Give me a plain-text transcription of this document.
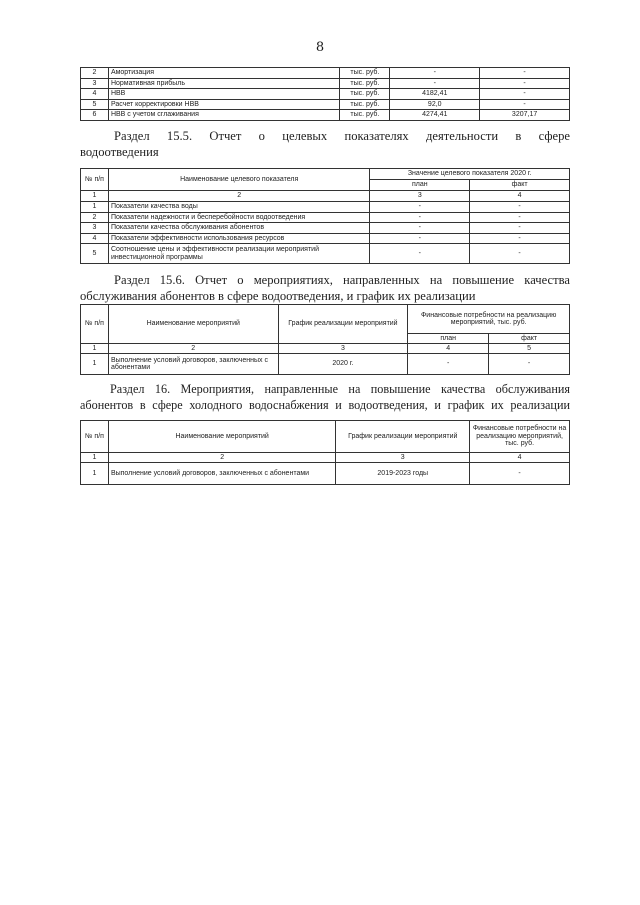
8
2	Амортизация	тыс. руб.	-	-
3	Нормативная прибыль	тыс. руб.	-	-
4	НВВ	тыс. руб.	4182,41	-
5	Расчет корректировки НВВ	тыс. руб.	92,0	-
6	НВВ с учетом сглаживания	тыс. руб.	4274,41	3207,17
Раздел 15.5. Отчет о целевых показателях деятельности в сфере
водоотведения
№ п/п	Наименование целевого показателя	Значение целевого показателя 2020 г.	
		план	факт
1	2	3	4
1	Показатели качества воды	-	-
2	Показатели надежности и бесперебойности водоотведения	-	-
3	Показатели качества обслуживания абонентов	-	-
4	Показатели эффективности использования ресурсов	-	-
5	Соотношение цены и эффективности реализации мероприятий инвестиционной программы	-	-
Раздел 15.6. Отчет о мероприятиях, направленных на повышение качества
обслуживания абонентов в сфере водоотведения, и график их реализации
№ п/п	Наименование мероприятий	График реализации мероприятий	Финансовые потребности на реализацию мероприятий, тыс. руб.	
			план	факт
1	2	3	4	5
1	Выполнение условий договоров, заключенных с абонентами	2020 г.	-	-
Раздел 16. Мероприятия, направленные на повышение качества обслуживания
абонентов в сфере холодного водоснабжения и водоотведения, и график их реализации
№ п/п	Наименование мероприятий	График реализации мероприятий	Финансовые потребности на реализацию мероприятий, тыс. руб.
1	2	3	4
1	Выполнение условий договоров, заключенных с абонентами	2019-2023 годы	-
